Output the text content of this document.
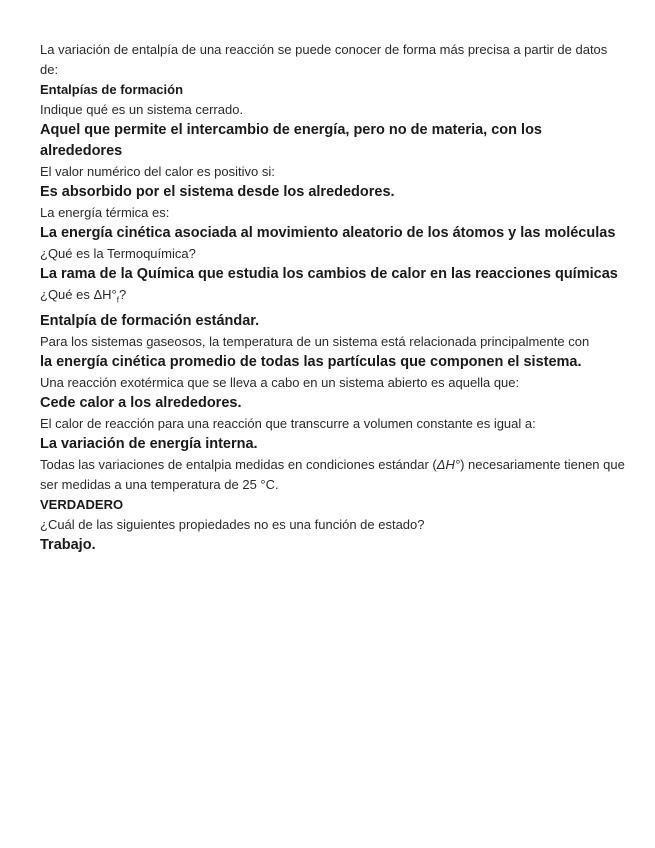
La variación de entalpía de una reacción se puede conocer de forma más precisa a partir de datos de:

Entalpías de formación

Indique qué es un sistema cerrado.

Aquel que permite el intercambio de energía, pero no de materia, con los alrededores

El valor numérico del calor es positivo si:

Es absorbido por el sistema desde los alrededores.

La energía térmica es:

La energía cinética asociada al movimiento aleatorio de los átomos y las moléculas

¿Qué es la Termoquímica?

La rama de la Química que estudia los cambios de calor en las reacciones químicas

¿Qué es $\Delta H^\circ_f$?

Entalpía de formación estándar.

Para los sistemas gaseosos, la temperatura de un sistema está relacionada principalmente con

la energía cinética promedio de todas las partículas que componen el sistema.

Una reacción exotérmica que se lleva a cabo en un sistema abierto es aquella que:

Cede calor a los alrededores.

El calor de reacción para una reacción que transcurre a volumen constante es igual a:

La variación de energía interna.

Todas las variaciones de entalpia medidas en condiciones estándar (ΔH°) necesariamente tienen que ser medidas a una temperatura de 25 °C.

VERDADERO

¿Cuál de las siguientes propiedades no es una función de estado?

Trabajo.
